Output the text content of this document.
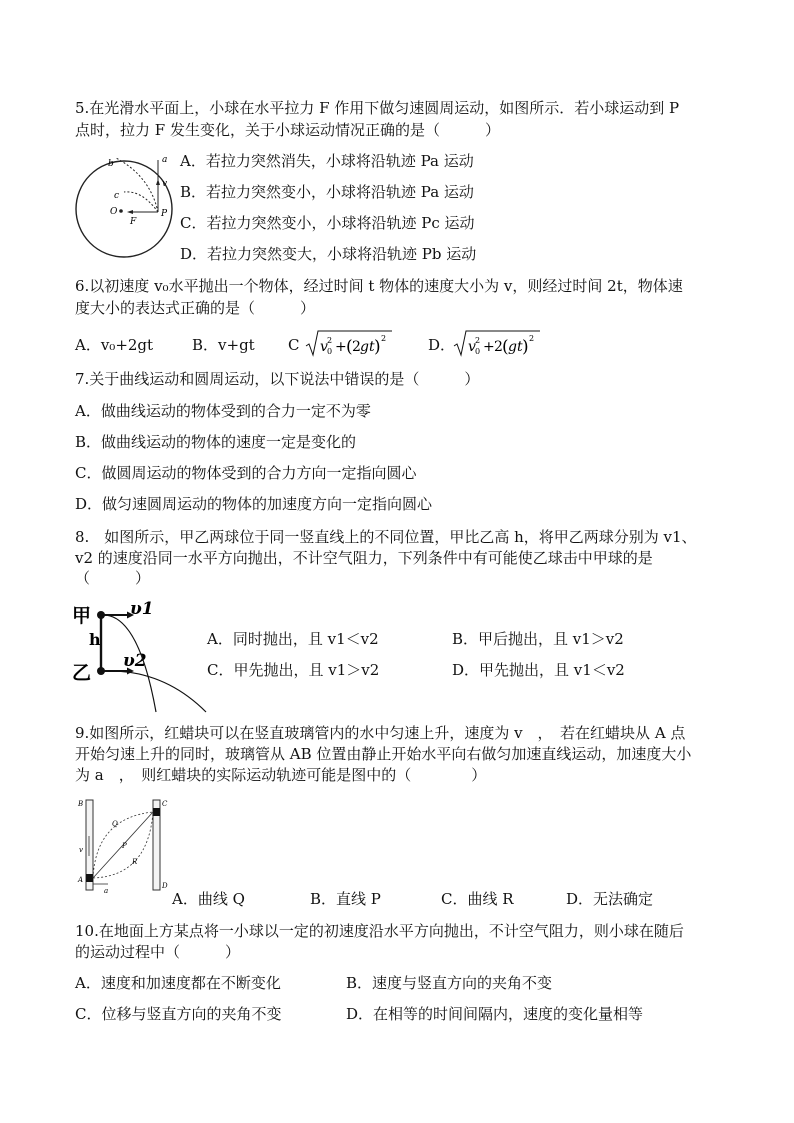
5.在光滑水平面上，小球在水平拉力 F 作用下做匀速圆周运动，如图所示．若小球运动到 P
点时，拉力 F 发生变化，关于小球运动情况正确的是（　　　）
a
b
c
v
O
F
P
A．若拉力突然消失，小球将沿轨迹 Pa 运动
B．若拉力突然变小，小球将沿轨迹 Pa 运动
C．若拉力突然变小，小球将沿轨迹 Pc 运动
D．若拉力突然变大，小球将沿轨迹 Pb 运动
6.以初速度 v₀水平抛出一个物体，经过时间 t 物体的速度大小为 v，则经过时间 2t，物体速
度大小的表达式正确的是（　　　）
A．v₀+2gt	B．v+gt C v 0
2 + ( 2 gt ) 2	D． v 0
2 + 2 ( gt ) 2
7.关于曲线运动和圆周运动，以下说法中错误的是（　　　）
A．做曲线运动的物体受到的合力一定不为零
B．做曲线运动的物体的速度一定是变化的
C．做圆周运动的物体受到的合力方向一定指向圆心
D．做匀速圆周运动的物体的加速度方向一定指向圆心
8.　如图所示，甲乙两球位于同一竖直线上的不同位置，甲比乙高 h，将甲乙两球分别为 v1、
v2 的速度沿同一水平方向抛出，不计空气阻力，下列条件中有可能使乙球击中甲球的是
（　　　）
甲
乙
h
υ1
υ2
A．同时抛出，且 v1＜v2	B．甲后抛出，且 v1＞v2
C．甲先抛出，且 v1＞v2	D．甲先抛出，且 v1＜v2
9.如图所示，红蜡块可以在竖直玻璃管内的水中匀速上升，速度为 v　，　若在红蜡块从 A 点
开始匀速上升的同时，玻璃管从 AB 位置由静止开始水平向右做匀加速直线运动，加速度大小
为 a　，　则红蜡块的实际运动轨迹可能是图中的（　　　　）
B	C
A
D
Q
P
R
v
a	A．曲线 Q	B．直线 P	C．曲线 R	D．无法确定
10.在地面上方某点将一小球以一定的初速度沿水平方向抛出，不计空气阻力，则小球在随后
的运动过程中（　　　）
A．速度和加速度都在不断变化	B．速度与竖直方向的夹角不变
C．位移与竖直方向的夹角不变	D．在相等的时间间隔内，速度的变化量相等
